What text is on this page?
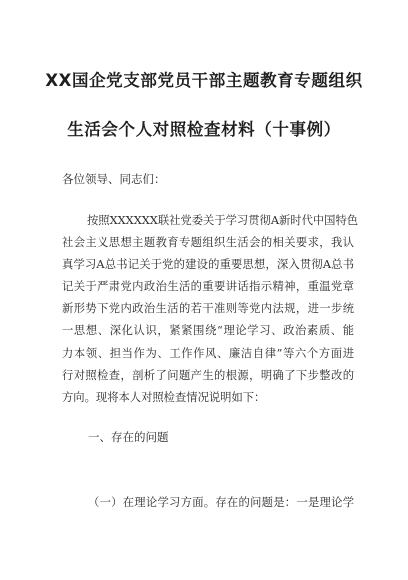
XX国企党支部党员干部主题教育专题组织
生活会个人对照检查材料（十事例）
各位领导、同志们：
按照XXXXXX联社党委关于学习贯彻A新时代中国特色
社会主义思想主题教育专题组织生活会的相关要求，我认
真学习A总书记关于党的建设的重要思想，深入贯彻A总书
记关于严肃党内政治生活的重要讲话指示精神，重温党章
新形势下党内政治生活的若干准则等党内法规，进一步统
一思想、深化认识，紧紧围绕“理论学习、政治素质、能
力本领、担当作为、工作作风、廉洁自律”等六个方面进
行对照检查，剖析了问题产生的根源，明确了下步整改的
方向。现将本人对照检查情况说明如下：
一、存在的问题
（一）在理论学习方面。存在的问题是：一是理论学
